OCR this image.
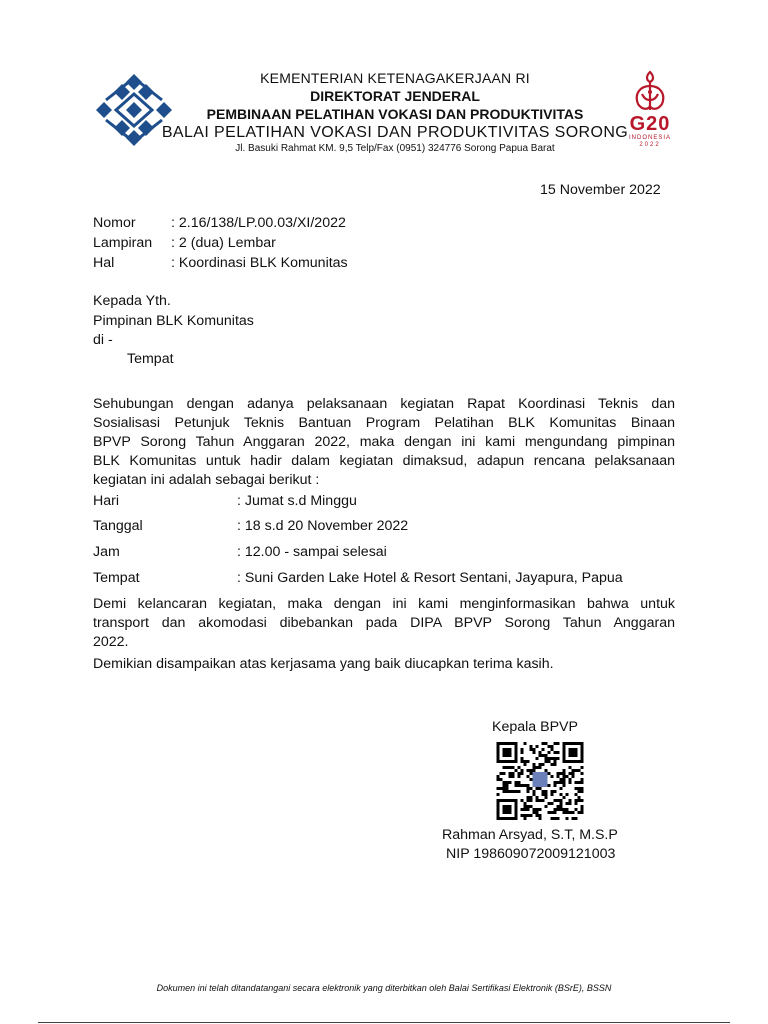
KEMENTERIAN KETENAGAKERJAAN RI
DIREKTORAT JENDERAL
PEMBINAAN PELATIHAN VOKASI DAN PRODUKTIVITAS
BALAI PELATIHAN VOKASI DAN PRODUKTIVITAS SORONG
Jl. Basuki Rahmat KM. 9,5 Telp/Fax (0951) 324776 Sorong Papua Barat
G20
INDONESIA
2022
15 November 2022
Nomor : 2.16/138/LP.00.03/XI/2022
Lampiran : 2 (dua) Lembar
Hal	: Koordinasi BLK Komunitas
Kepada Yth.
Pimpinan BLK Komunitas
di -
Tempat
Sehubungan dengan adanya pelaksanaan kegiatan Rapat Koordinasi Teknis dan
Sosialisasi Petunjuk Teknis Bantuan Program Pelatihan BLK Komunitas Binaan
BPVP Sorong Tahun Anggaran 2022, maka dengan ini kami mengundang pimpinan
BLK Komunitas untuk hadir dalam kegiatan dimaksud, adapun rencana pelaksanaan
kegiatan ini adalah sebagai berikut :
Hari	: Jumat s.d Minggu
Tanggal	: 18 s.d 20 November 2022
Jam	: 12.00 - sampai selesai
Tempat	: Suni Garden Lake Hotel & Resort Sentani, Jayapura, Papua
Demi kelancaran kegiatan, maka dengan ini kami menginformasikan bahwa untuk
transport dan akomodasi dibebankan pada DIPA BPVP Sorong Tahun Anggaran
2022.
Demikian disampaikan atas kerjasama yang baik diucapkan terima kasih.
Kepala BPVP
Rahman Arsyad, S.T, M.S.P
NIP 198609072009121003
Dokumen ini telah ditandatangani secara elektronik yang diterbitkan oleh Balai Sertifikasi Elektronik (BSrE), BSSN
